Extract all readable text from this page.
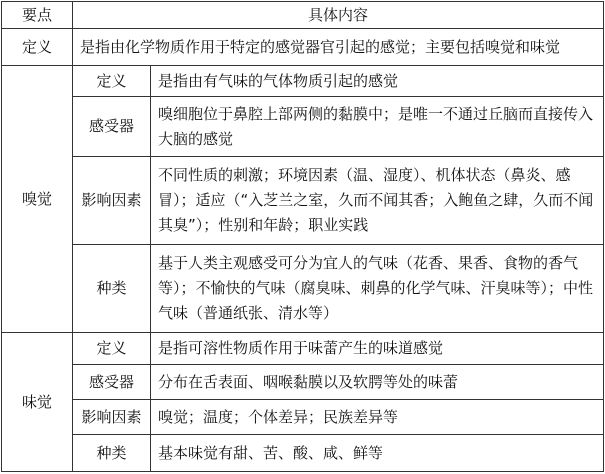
要点	具体内容	
定义	是指由化学物质作用于特定的感觉器官引起的感觉；主要包括嗅觉和味觉	
嗅觉	定义	是指由有气味的气体物质引起的感觉
	感受器	嗅细胞位于鼻腔上部两侧的黏膜中；是唯一不通过丘脑而直接传入大脑的感觉
	影响因素	不同性质的刺激；环境因素（温、湿度）、机体状态（鼻炎、感冒）；适应（“入芝兰之室，久而不闻其香；入鲍鱼之肆，久而不闻其臭”）；性别和年龄；职业实践
	种类	基于人类主观感受可分为宜人的气味（花香、果香、食物的香气等）；不愉快的气味（腐臭味、刺鼻的化学气味、汗臭味等）；中性气味（普通纸张、清水等）
味觉	定义	是指可溶性物质作用于味蕾产生的味道感觉
	感受器	分布在舌表面、咽喉黏膜以及软腭等处的味蕾
	影响因素	嗅觉；温度；个体差异；民族差异等
	种类	基本味觉有甜、苦、酸、咸、鲜等
